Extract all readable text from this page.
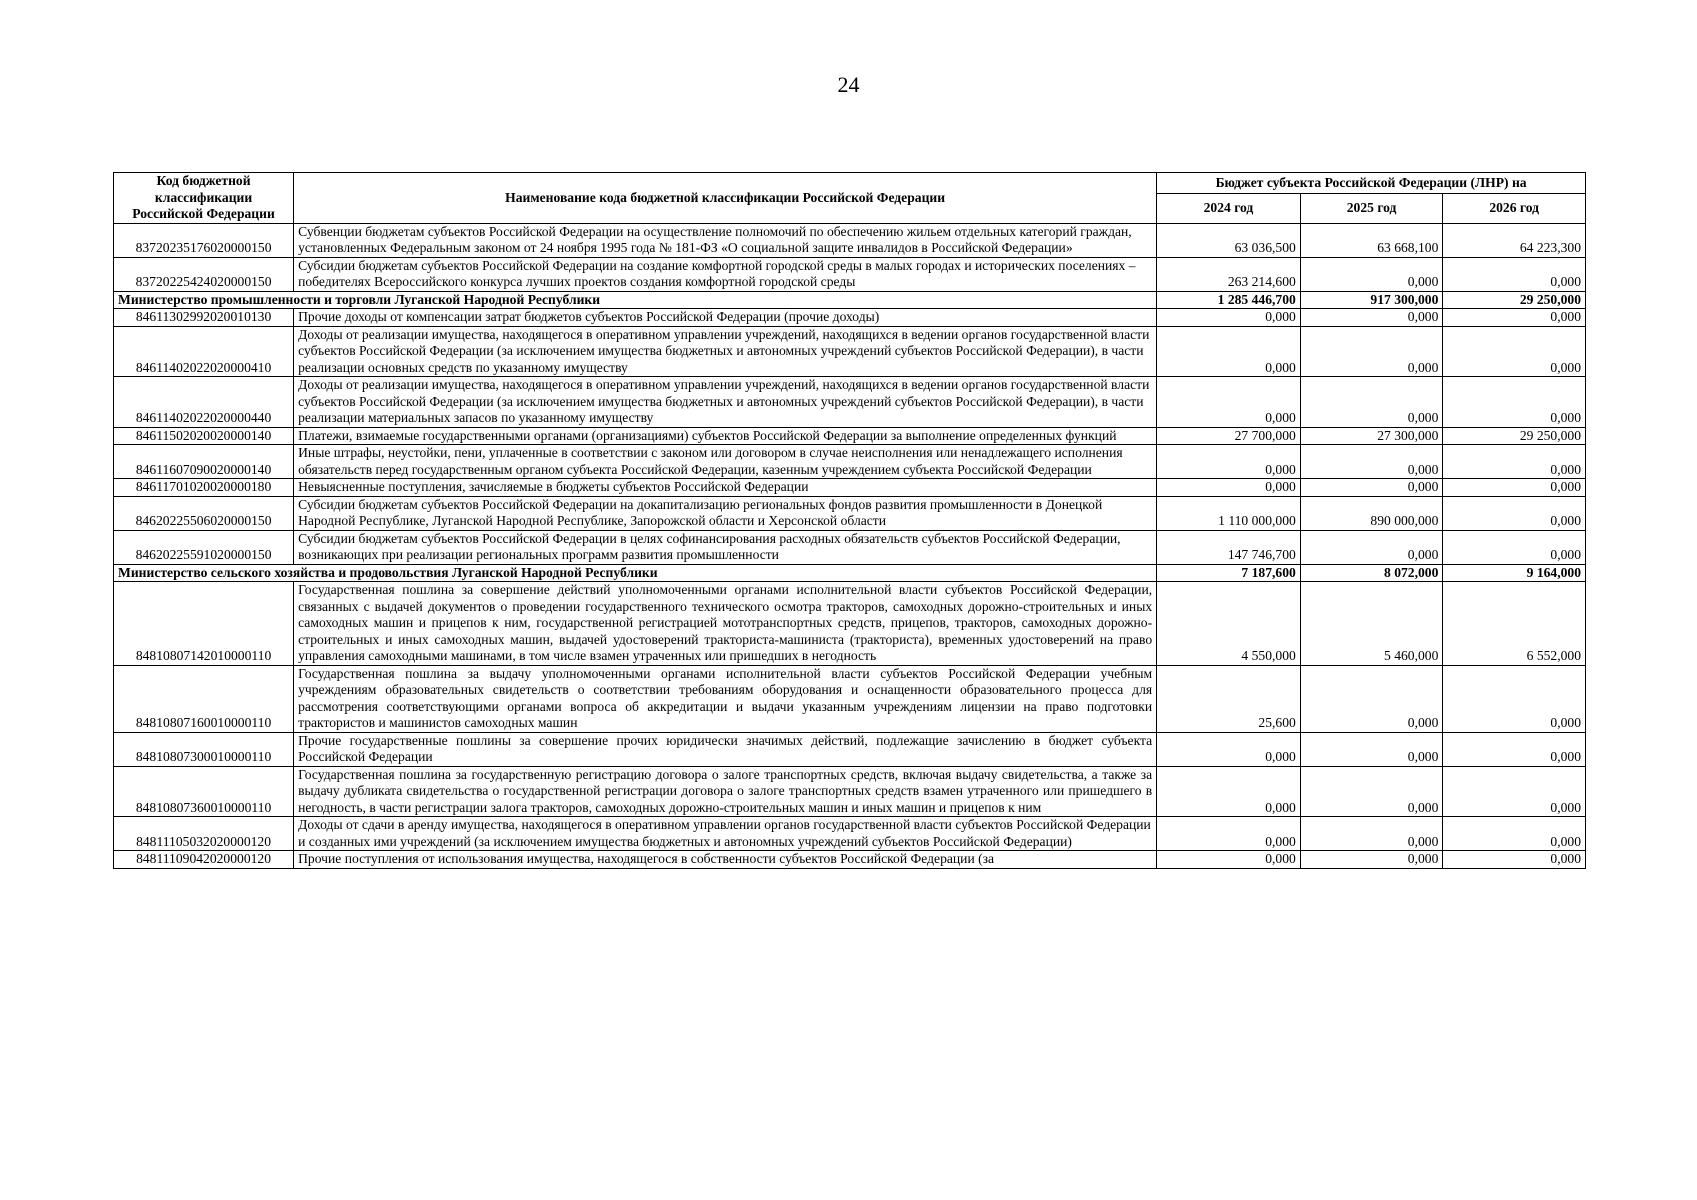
24
Код бюджетной классификации Российской Федерации	Наименование кода бюджетной классификации Российской Федерации	Бюджет субъекта Российской Федерации (ЛНР) на		
		2024 год	2025 год	2026 год
83720235176020000150	Субвенции бюджетам субъектов Российской Федерации на осуществление полномочий по обеспечению жильем отдельных категорий граждан, установленных Федеральным законом от 24 ноября 1995 года № 181-ФЗ «О социальной защите инвалидов в Российской Федерации»	63 036,500	63 668,100	64 223,300
83720225424020000150	Субсидии бюджетам субъектов Российской Федерации на создание комфортной городской среды в малых городах и исторических поселениях – победителях Всероссийского конкурса лучших проектов создания комфортной городской среды	263 214,600	0,000	0,000
Министерство промышленности и торговли Луганской Народной Республики		1 285 446,700	917 300,000	29 250,000
84611302992020010130	Прочие доходы от компенсации затрат бюджетов субъектов Российской Федерации (прочие доходы)	0,000	0,000	0,000
84611402022020000410	Доходы от реализации имущества, находящегося в оперативном управлении учреждений, находящихся в ведении органов государственной власти субъектов Российской Федерации (за исключением имущества бюджетных и автономных учреждений субъектов Российской Федерации), в части реализации основных средств по указанному имуществу	0,000	0,000	0,000
84611402022020000440	Доходы от реализации имущества, находящегося в оперативном управлении учреждений, находящихся в ведении органов государственной власти субъектов Российской Федерации (за исключением имущества бюджетных и автономных учреждений субъектов Российской Федерации), в части реализации материальных запасов по указанному имуществу	0,000	0,000	0,000
84611502020020000140	Платежи, взимаемые государственными органами (организациями) субъектов Российской Федерации за выполнение определенных функций	27 700,000	27 300,000	29 250,000
84611607090020000140	Иные штрафы, неустойки, пени, уплаченные в соответствии с законом или договором в случае неисполнения или ненадлежащего исполнения обязательств перед государственным органом субъекта Российской Федерации, казенным учреждением субъекта Российской Федерации	0,000	0,000	0,000
84611701020020000180	Невыясненные поступления, зачисляемые в бюджеты субъектов Российской Федерации	0,000	0,000	0,000
84620225506020000150	Субсидии бюджетам субъектов Российской Федерации на докапитализацию региональных фондов развития промышленности в Донецкой Народной Республике, Луганской Народной Республике, Запорожской области и Херсонской области	1 110 000,000	890 000,000	0,000
84620225591020000150	Субсидии бюджетам субъектов Российской Федерации в целях софинансирования расходных обязательств субъектов Российской Федерации, возникающих при реализации региональных программ развития промышленности	147 746,700	0,000	0,000
Министерство сельского хозяйства и продовольствия Луганской Народной Республики		7 187,600	8 072,000	9 164,000
84810807142010000110	Государственная пошлина за совершение действий уполномоченными органами исполнительной власти субъектов Российской Федерации, связанных с выдачей документов о проведении государственного технического осмотра тракторов, самоходных дорожно-строительных и иных самоходных машин и прицепов к ним, государственной регистрацией мототранспортных средств, прицепов, тракторов, самоходных дорожно-строительных и иных самоходных машин, выдачей удостоверений тракториста-машиниста (тракториста), временных удостоверений на право управления самоходными машинами, в том числе взамен утраченных или пришедших в негодность	4 550,000	5 460,000	6 552,000
84810807160010000110	Государственная пошлина за выдачу уполномоченными органами исполнительной власти субъектов Российской Федерации учебным учреждениям образовательных свидетельств о соответствии требованиям оборудования и оснащенности образовательного процесса для рассмотрения соответствующими органами вопроса об аккредитации и выдачи указанным учреждениям лицензии на право подготовки трактористов и машинистов самоходных машин	25,600	0,000	0,000
84810807300010000110	Прочие государственные пошлины за совершение прочих юридически значимых действий, подлежащие зачислению в бюджет субъекта Российской Федерации	0,000	0,000	0,000
84810807360010000110	Государственная пошлина за государственную регистрацию договора о залоге транспортных средств, включая выдачу свидетельства, а также за выдачу дубликата свидетельства о государственной регистрации договора о залоге транспортных средств взамен утраченного или пришедшего в негодность, в части регистрации залога тракторов, самоходных дорожно-строительных машин и иных машин и прицепов к ним	0,000	0,000	0,000
84811105032020000120	Доходы от сдачи в аренду имущества, находящегося в оперативном управлении органов государственной власти субъектов Российской Федерации и созданных ими учреждений (за исключением имущества бюджетных и автономных учреждений субъектов Российской Федерации)	0,000	0,000	0,000
84811109042020000120	Прочие поступления от использования имущества, находящегося в собственности субъектов Российской Федерации (за	0,000	0,000	0,000
